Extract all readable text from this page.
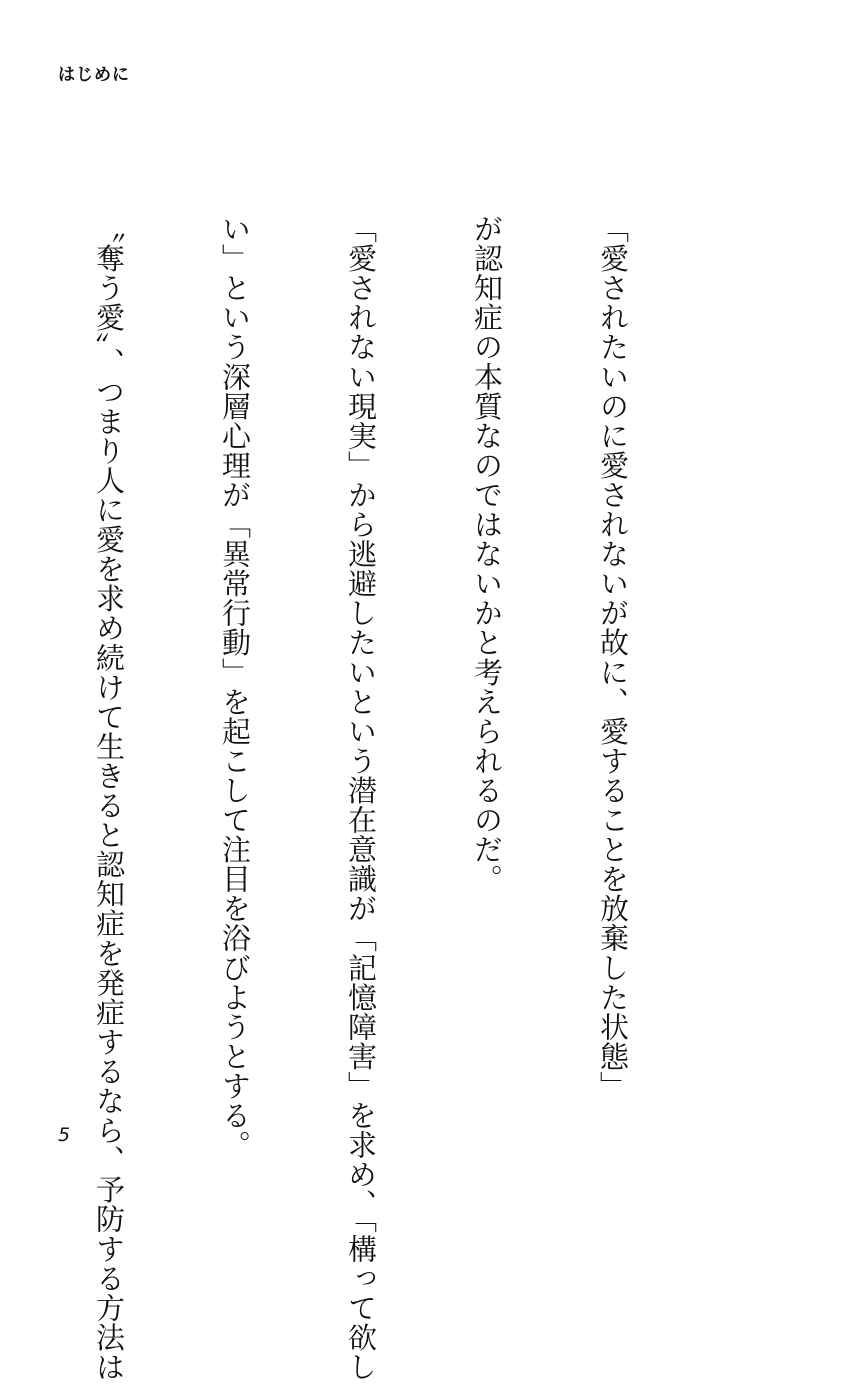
はじめに

「愛されたいのに愛されないが故に、愛することを放棄した状態」

が認知症の本質なのではないかと考えられるのだ。

「愛されない現実」から逃避したいという潜在意識が「記憶障害」を求め、「構って欲し

い」という深層心理が「異常行動」を起こして注目を浴びようとする。

〝奪う愛〟、つまり人に愛を求め続けて生きると認知症を発症するなら、予防する方法は

5
